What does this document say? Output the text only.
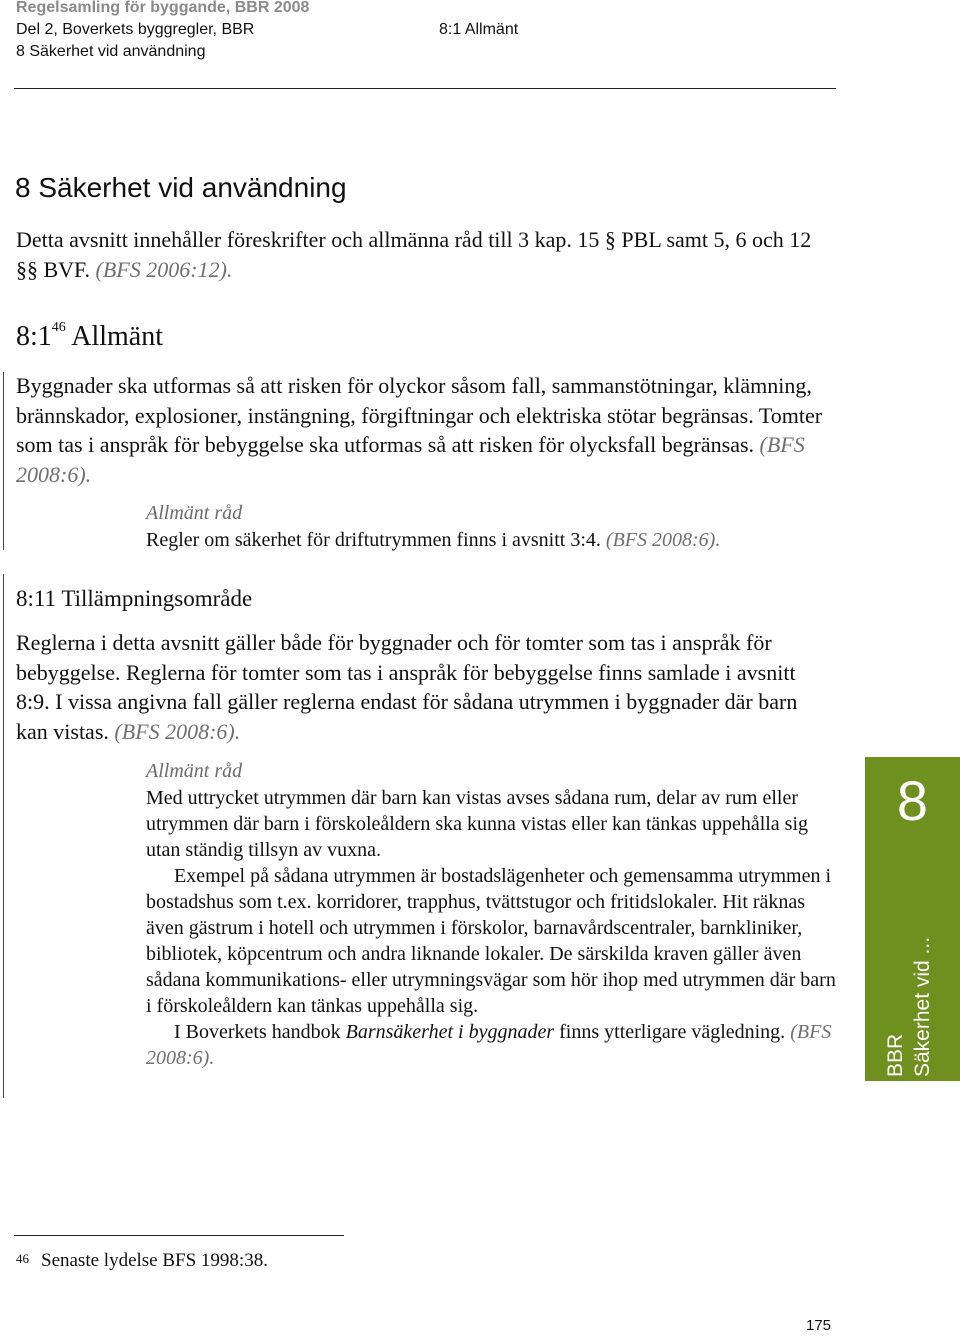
Regelsamling för byggande, BBR 2008
Del 2, Boverkets byggregler, BBR
8 Säkerhet vid användning
8:1 Allmänt
8 Säkerhet vid användning

Detta avsnitt innehåller föreskrifter och allmänna råd till 3 kap. 15 § PBL samt 5, 6 och 12 §§ BVF. (BFS 2006:12).

$8:1^{46}$ Allmänt

Byggnader ska utformas så att risken för olyckor såsom fall, sammanstötningar, klämning, brännskador, explosioner, instängning, förgiftningar och elektriska stötar begränsas. Tomter som tas i anspråk för bebyggelse ska utformas så att risken för olycksfall begränsas. (BFS 2008:6).

Allmänt råd

Regler om säkerhet för driftutrymmen finns i avsnitt 3:4. (BFS 2008:6).

8:11 Tillämpningsområde

Reglerna i detta avsnitt gäller både för byggnader och för tomter som tas i anspråk för bebyggelse. Reglerna för tomter som tas i anspråk för bebyggelse finns samlade i avsnitt 8:9. I vissa angivna fall gäller reglerna endast för sådana utrymmen i byggnader där barn kan vistas. (BFS 2008:6).

Allmänt råd

Med uttrycket utrymmen där barn kan vistas avses sådana rum, delar av rum eller utrymmen där barn i förskoleåldern ska kunna vistas eller kan tänkas uppehålla sig utan ständig tillsyn av vuxna.

Exempel på sådana utrymmen är bostadslägenheter och gemensamma utrymmen i bostadshus som t.ex. korridorer, trapphus, tvättstugor och fritidslokaler. Hit räknas även gästrum i hotell och utrymmen i förskolor, barnavårdscentraler, barnkliniker, bibliotek, köpcentrum och andra liknande lokaler. De särskilda kraven gäller även sådana kommunikations- eller utrymningsvägar som hör ihop med utrymmen där barn i förskoleåldern kan tänkas uppehålla sig.

I Boverkets handbok Barnsäkerhet i byggnader finns ytterligare vägledning. (BFS 2008:6).

8
BBR Säkerhet vid ...
46 Senaste lydelse BFS 1998:38.
175
